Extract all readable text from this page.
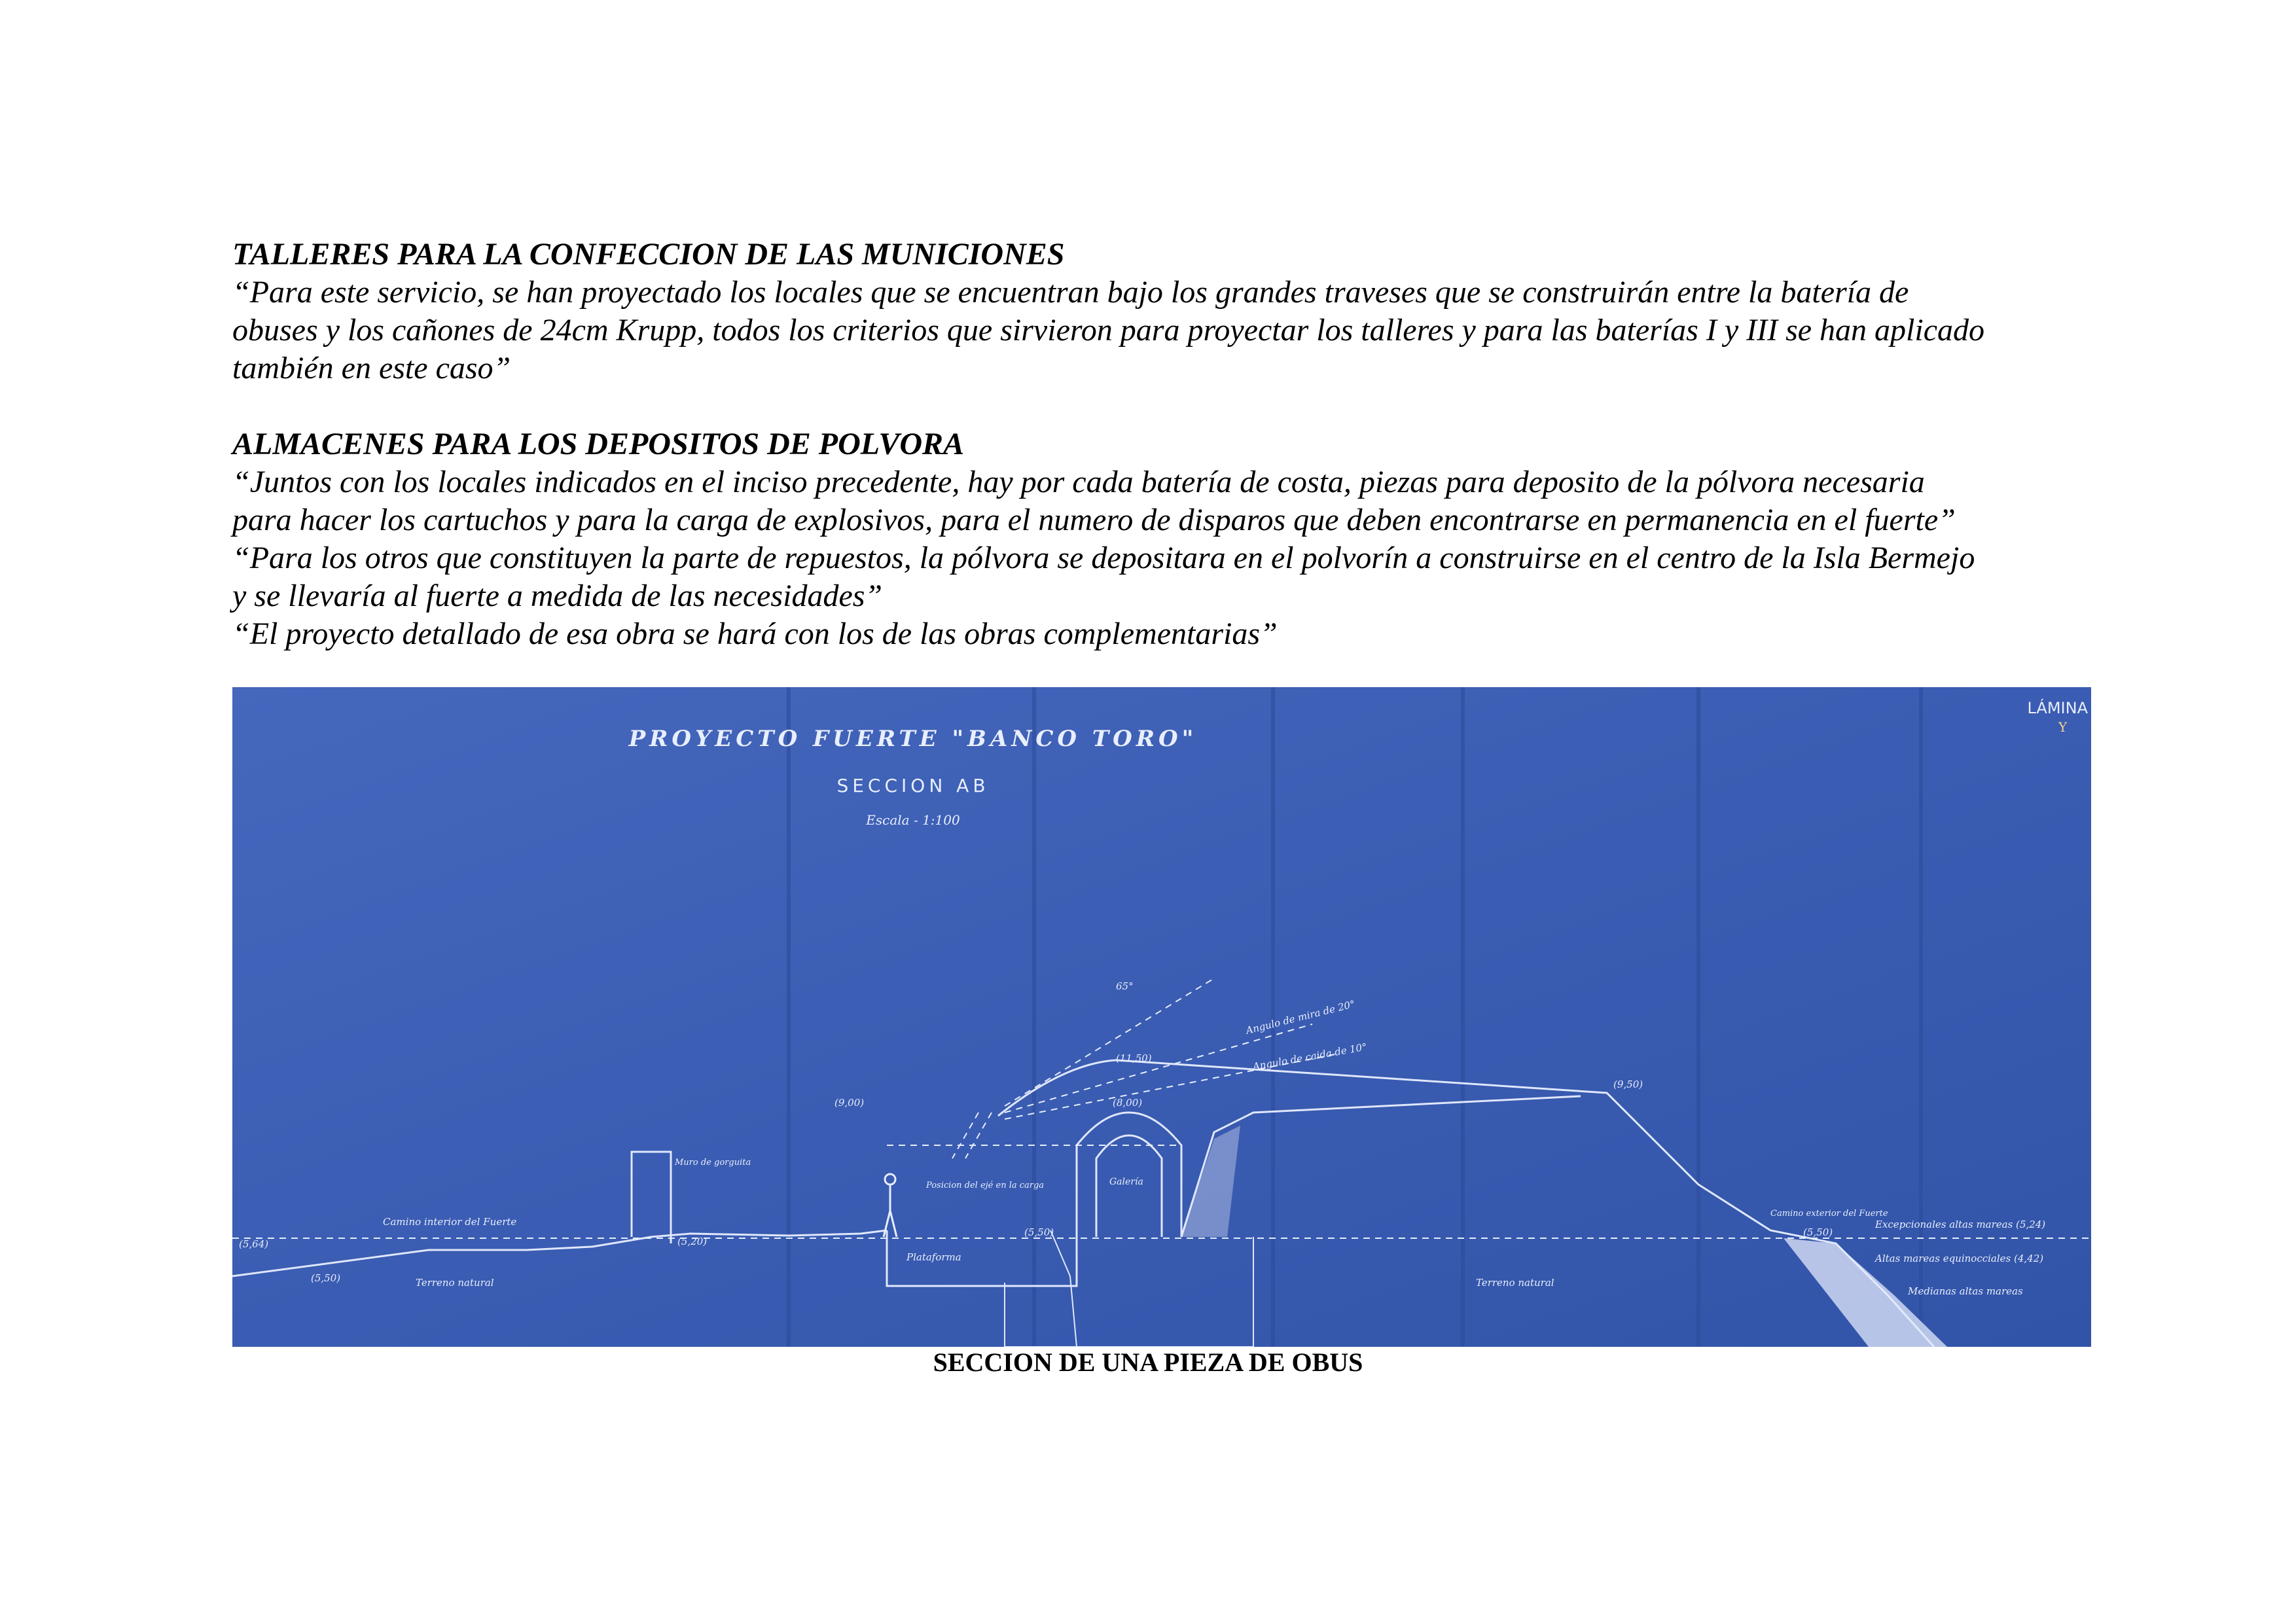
TALLERES PARA LA CONFECCION DE LAS MUNICIONES
“Para este servicio, se han proyectado los locales que se encuentran bajo los grandes traveses que se construirán entre la batería de
obuses y los cañones de 24cm Krupp, todos los criterios que sirvieron para proyectar los talleres y para las baterías I y III se han aplicado
también en este caso”
ALMACENES PARA LOS DEPOSITOS DE POLVORA
“Juntos con los locales indicados en el inciso precedente, hay por cada batería de costa, piezas para deposito de la pólvora necesaria
para hacer los cartuchos y para la carga de explosivos, para el numero de disparos que deben encontrarse en permanencia en el fuerte”
“Para los otros que constituyen la parte de repuestos, la pólvora se depositara en el polvorín a construirse en el centro de la Isla Bermejo
y se llevaría al fuerte a medida de las necesidades”
“El proyecto detallado de esa obra se hará con los de las obras complementarias”
PROYECTO FUERTE "BANCO TORO"
SECCION AB
Escala - 1:100
LÁMINA
Y
Angulo de mira de 20°
Angulo de caida de 10°
65°
(11,50)
(9,50)
(8,00)
(9,00)
(5,50)
(5,20)
(5,64)
(5,50)
(5,50)
Muro de gorguita
Camino interior del Fuerte
Camino exterior del Fuerte
Posicion del ejé en la carga
Plataforma
Galería
Terreno natural	Terreno natural
Excepcionales altas mareas (5,24)
Altas mareas equinocciales (4,42)
Medianas altas mareas
SECCION DE UNA PIEZA DE OBUS
